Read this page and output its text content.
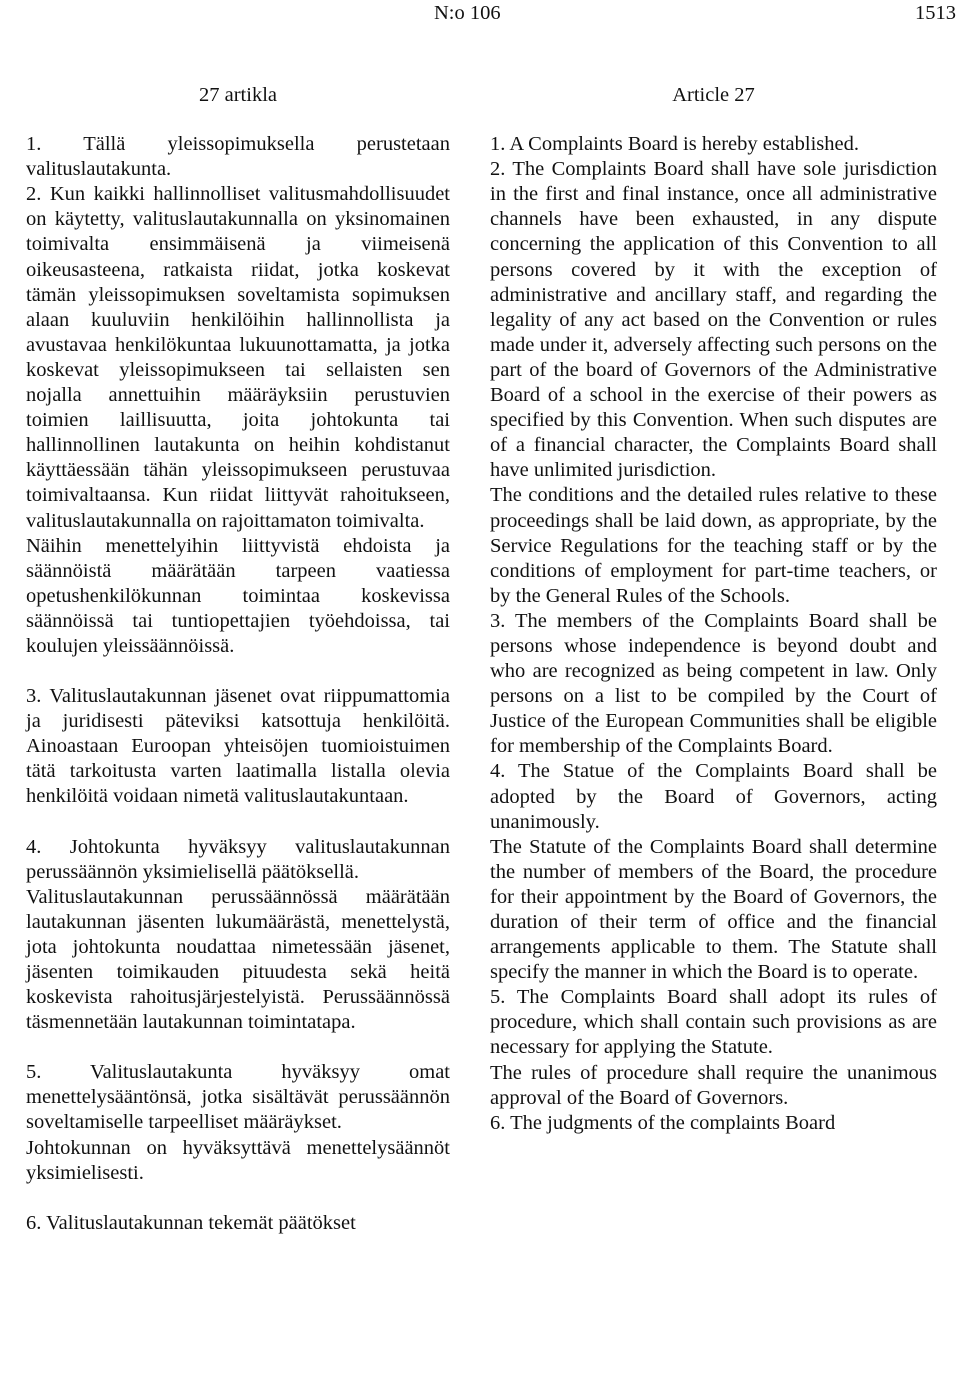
N:o 106	1513
27 artikla

1. Tällä yleissopimuksella perustetaan valituslautakunta.

2. Kun kaikki hallinnolliset valitusmahdollisuudet on käytetty, valituslautakunnalla on yksinomainen toimivalta ensimmäisenä ja viimeisenä oikeusasteena, ratkaista riidat, jotka koskevat tämän yleissopimuksen soveltamista sopimuksen alaan kuuluviin henkilöihin hallinnollista ja avustavaa henkilökuntaa lukuunottamatta, ja jotka koskevat yleissopimukseen tai sellaisten sen nojalla annettuihin määräyksiin perustuvien toimien laillisuutta, joita johtokunta tai hallinnollinen lautakunta on heihin kohdistanut käyttäessään tähän yleissopimukseen perustuvaa toimivaltaansa. Kun riidat liittyvät rahoitukseen, valituslautakunnalla on rajoittamaton toimivalta.

Näihin menettelyihin liittyvistä ehdoista ja säännöistä määrätään tarpeen vaatiessa opetushenkilökunnan toimintaa koskevissa säännöissä tai tuntiopettajien työehdoissa, tai koulujen yleissäännöissä.

3. Valituslautakunnan jäsenet ovat riippumattomia ja juridisesti päteviksi katsottuja henkilöitä. Ainoastaan Euroopan yhteisöjen tuomioistuimen tätä tarkoitusta varten laatimalla listalla olevia henkilöitä voidaan nimetä valituslautakuntaan.

4. Johtokunta hyväksyy valituslautakunnan perussäännön yksimielisellä päätöksellä.

Valituslautakunnan perussäännössä määrätään lautakunnan jäsenten lukumäärästä, menettelystä, jota johtokunta noudattaa nimetessään jäsenet, jäsenten toimikauden pituudesta sekä heitä koskevista rahoitusjärjestelyistä. Perussäännössä täsmennetään lautakunnan toimintatapa.

5. Valituslautakunta hyväksyy omat menettelysääntönsä, jotka sisältävät perussäännön soveltamiselle tarpeelliset määräykset.

Johtokunnan on hyväksyttävä menettelysäännöt yksimielisesti.

6. Valituslautakunnan tekemät päätökset

Article 27

1. A Complaints Board is hereby established.

2. The Complaints Board shall have sole jurisdiction in the first and final instance, once all administrative channels have been exhausted, in any dispute concerning the application of this Convention to all persons covered by it with the exception of administrative and ancillary staff, and regarding the legality of any act based on the Convention or rules made under it, adversely affecting such persons on the part of the board of Governors of the Administrative Board of a school in the exercise of their powers as specified by this Convention. When such disputes are of a financial character, the Complaints Board shall have unlimited jurisdiction.

The conditions and the detailed rules relative to these proceedings shall be laid down, as appropriate, by the Service Regulations for the teaching staff or by the conditions of employment for part-time teachers, or by the General Rules of the Schools.

3. The members of the Complaints Board shall be persons whose independence is beyond doubt and who are recognized as being competent in law. Only persons on a list to be compiled by the Court of Justice of the European Communities shall be eligible for membership of the Complaints Board.

4. The Statue of the Complaints Board shall be adopted by the Board of Governors, acting unanimously.

The Statute of the Complaints Board shall determine the number of members of the Board, the procedure for their appointment by the Board of Governors, the duration of their term of office and the financial arrangements applicable to them. The Statute shall specify the manner in which the Board is to operate.

5. The Complaints Board shall adopt its rules of procedure, which shall contain such provisions as are necessary for applying the Statute.

The rules of procedure shall require the unanimous approval of the Board of Governors.

6. The judgments of the complaints Board
